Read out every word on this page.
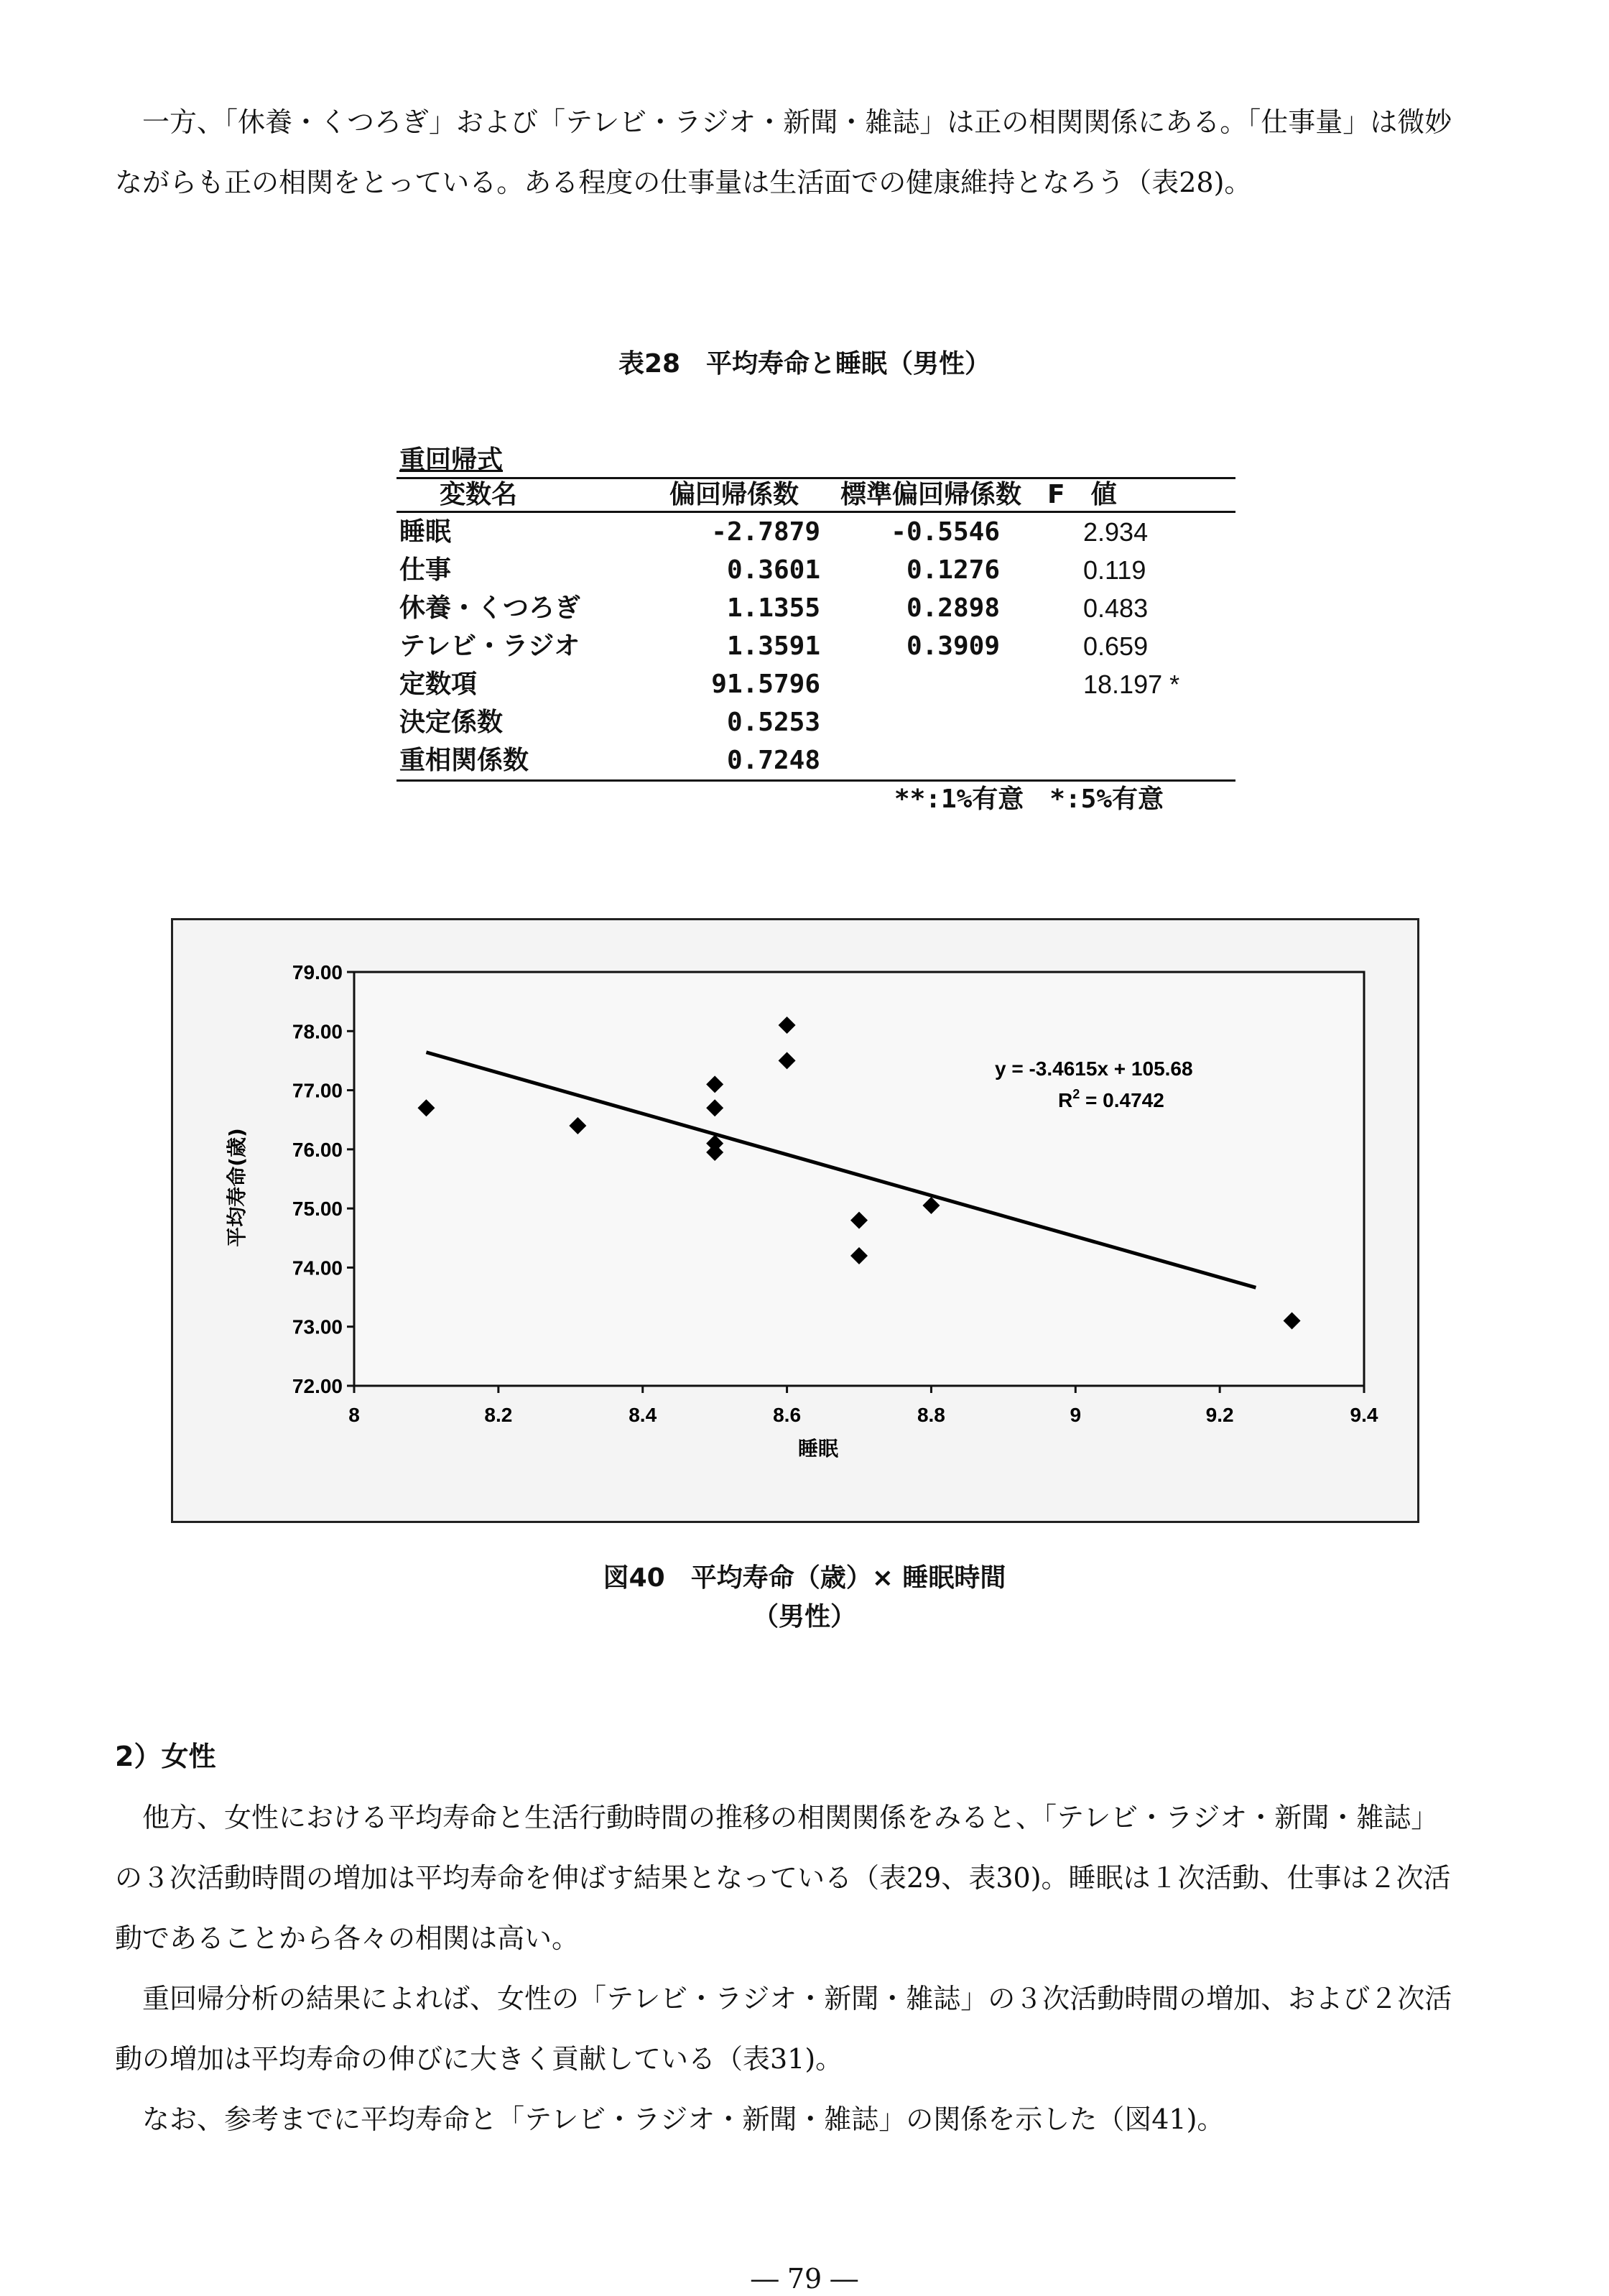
一方、「休養・くつろぎ」および「テレビ・ラジオ・新聞・雑誌」は正の相関関係にある。「仕事量」は微妙ながらも正の相関をとっている。ある程度の仕事量は生活面での健康維持となろう（表28)。

表28　平均寿命と睡眠（男性）
重回帰式
変数名	偏回帰係数	標準偏回帰係数	F　値
睡眠	-2.7879	-0.5546	2.934
仕事	0.3601	0.1276	0.119
休養・くつろぎ	1.1355	0.2898	0.483
テレビ・ラジオ	1.3591	0.3909	0.659
定数項	91.5796		18.197 *
決定係数	0.5253		
重相関係数	0.7248		
**:1%有意　*:5%有意
72.00
73.00
74.00
75.00
76.00
77.00
78.00
79.00
8	8.2	8.4	8.6	8.8	9	9.2	9.4
y = -3.4615x + 105.68
$R^2 = 0.4742$
睡眠
平均寿命(歳)
図40　平均寿命（歳）× 睡眠時間
（男性）
2）女性

他方、女性における平均寿命と生活行動時間の推移の相関関係をみると、「テレビ・ラジオ・新聞・雑誌」の３次活動時間の増加は平均寿命を伸ばす結果となっている（表29、表30)。睡眠は１次活動、仕事は２次活動であることから各々の相関は高い。

重回帰分析の結果によれば、女性の「テレビ・ラジオ・新聞・雑誌」の３次活動時間の増加、および２次活動の増加は平均寿命の伸びに大きく貢献している（表31)。

なお、参考までに平均寿命と「テレビ・ラジオ・新聞・雑誌」の関係を示した（図41)。

― 79 ―
